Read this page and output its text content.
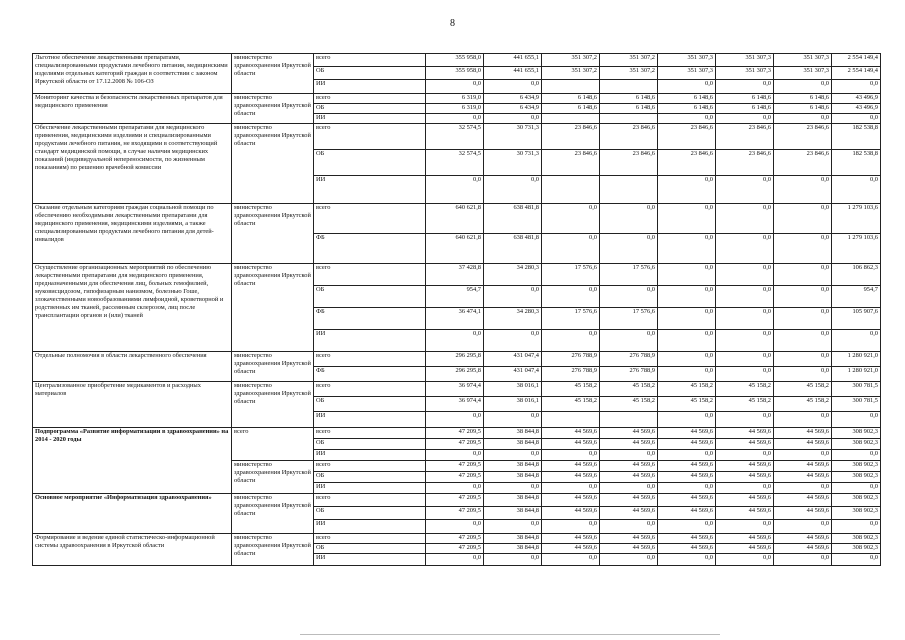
8
Льготное обеспечение лекарственными препаратами, специализированными продуктами лечебного питания, медицинскими изделиями отдельных категорий граждан в соответствии с законом Иркутской области от 17.12.2008 № 106-ОЗ	министерство здравоохранения Иркутской области	всего	355 958,0	441 655,1	351 307,2	351 307,2	351 307,3	351 307,3	351 307,3	2 554 149,4
		ОБ	355 958,0	441 655,1	351 307,2	351 307,2	351 307,3	351 307,3	351 307,3	2 554 149,4
		ИИ	0,0	0,0			0,0	0,0	0,0	0,0
Мониторинг качества и безопасности лекарственных препаратов для медицинского применения	министерство здравоохранения Иркутской области	всего	6 319,0	6 434,9	6 148,6	6 148,6	6 148,6	6 148,6	6 148,6	43 496,9
		ОБ	6 319,0	6 434,9	6 148,6	6 148,6	6 148,6	6 148,6	6 148,6	43 496,9
		ИИ	0,0	0,0			0,0	0,0	0,0	0,0
Обеспечение лекарственными препаратами для медицинского применения, медицинскими изделиями и специализированными продуктами лечебного питания, не входящими в соответствующий стандарт медицинской помощи, в случае наличия медицинских показаний (индивидуальной непереносимости, по жизненным показаниям) по решению врачебной комиссии	министерство здравоохранения Иркутской области	всего	32 574,5	30 731,3	23 846,6	23 846,6	23 846,6	23 846,6	23 846,6	182 538,8
		ОБ	32 574,5	30 731,3	23 846,6	23 846,6	23 846,6	23 846,6	23 846,6	182 538,8
		ИИ	0,0	0,0			0,0	0,0	0,0	0,0
Оказание отдельным категориям граждан социальной помощи по обеспечению необходимыми лекарственными препаратами для медицинского применения, медицинскими изделиями, а также специализированными продуктами лечебного питания для детей-инвалидов	министерство здравоохранения Иркутской области	всего	640 621,8	638 481,8	0,0	0,0	0,0	0,0	0,0	1 279 103,6
		ФБ	640 621,8	638 481,8	0,0	0,0	0,0	0,0	0,0	1 279 103,6
Осуществление организационных мероприятий по обеспечению лекарственными препаратами для медицинского применения, предназначенными для обеспечения лиц, больных гемофилией, муковисцидозом, гипофизарным нанизмом, болезнью Гоше, злокачественными новообразованиями лимфоидной, кроветворной и родственных им тканей, рассеянным склерозом, лиц после трансплантации органов и (или) тканей	министерство здравоохранения Иркутской области	всего	37 428,8	34 280,3	17 576,6	17 576,6	0,0	0,0	0,0	106 862,3
		ОБ	954,7	0,0	0,0	0,0	0,0	0,0	0,0	954,7
		ФБ	36 474,1	34 280,3	17 576,6	17 576,6	0,0	0,0	0,0	105 907,6
		ИИ	0,0	0,0	0,0	0,0	0,0	0,0	0,0	0,0
Отдельные полномочия в области лекарственного обеспечения	министерство здравоохранения Иркутской области	всего	296 295,8	431 047,4	276 788,9	276 788,9	0,0	0,0	0,0	1 280 921,0
		ФБ	296 295,8	431 047,4	276 788,9	276 788,9	0,0	0,0	0,0	1 280 921,0
Централизованное приобретение медикаментов и расходных материалов	министерство здравоохранения Иркутской области	всего	36 974,4	38 016,1	45 158,2	45 158,2	45 158,2	45 158,2	45 158,2	300 781,5
		ОБ	36 974,4	38 016,1	45 158,2	45 158,2	45 158,2	45 158,2	45 158,2	300 781,5
		ИИ	0,0	0,0			0,0	0,0	0,0	0,0
Подпрограмма «Развитие информатизации в здравоохранении» на 2014 - 2020 годы	всего	всего	47 209,5	38 844,8	44 569,6	44 569,6	44 569,6	44 569,6	44 569,6	308 902,3
		ОБ	47 209,5	38 844,8	44 569,6	44 569,6	44 569,6	44 569,6	44 569,6	308 902,3
		ИИ	0,0	0,0	0,0	0,0	0,0	0,0	0,0	0,0
	министерство здравоохранения Иркутской области	всего	47 209,5	38 844,8	44 569,6	44 569,6	44 569,6	44 569,6	44 569,6	308 902,3
		ОБ	47 209,5	38 844,8	44 569,6	44 569,6	44 569,6	44 569,6	44 569,6	308 902,3
		ИИ	0,0	0,0	0,0	0,0	0,0	0,0	0,0	0,0
Основное мероприятие «Информатизация здравоохранения»	министерство здравоохранения Иркутской области	всего	47 209,5	38 844,8	44 569,6	44 569,6	44 569,6	44 569,6	44 569,6	308 902,3
		ОБ	47 209,5	38 844,8	44 569,6	44 569,6	44 569,6	44 569,6	44 569,6	308 902,3
		ИИ	0,0	0,0	0,0	0,0	0,0	0,0	0,0	0,0
Формирование и ведение единой статистическо-информационной системы здравоохранения в Иркутской области	министерство здравоохранения Иркутской области	всего	47 209,5	38 844,8	44 569,6	44 569,6	44 569,6	44 569,6	44 569,6	308 902,3
		ОБ	47 209,5	38 844,8	44 569,6	44 569,6	44 569,6	44 569,6	44 569,6	308 902,3
		ИИ	0,0	0,0	0,0	0,0	0,0	0,0	0,0	0,0
